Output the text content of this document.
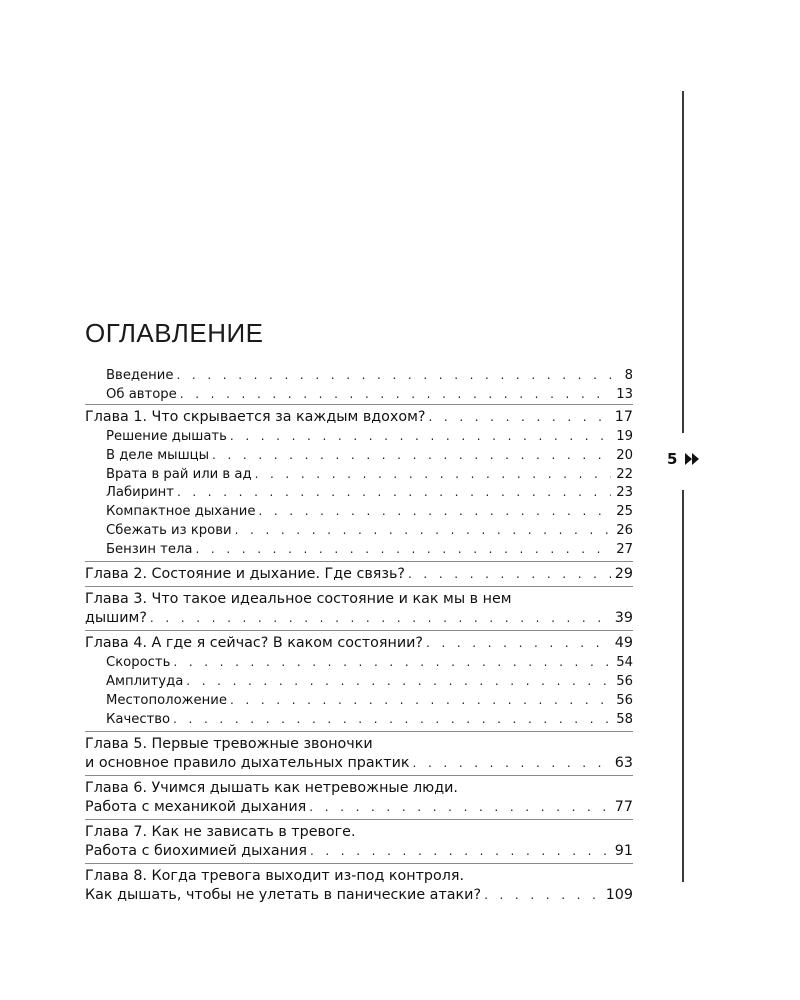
ОГЛАВЛЕНИЕ
Введение . . .	8
Об авторе . . .	13
Глава 1. Что скрывается за каждым вдохом? . . .	17
Решение дышать . . .	19
В деле мышцы . . .	20
Врата в рай или в ад . . .	22
Лабиринт . . .	23
Компактное дыхание . . .	25
Сбежать из крови . . .	26
Бензин тела . . .	27
Глава 2. Состояние и дыхание. Где связь? . . .	29
Глава 3. Что такое идеальное состояние и как мы в нем
дышим? . . .	39
Глава 4. А где я сейчас? В каком состоянии? . . .	49
Скорость . . .	54
Амплитуда . . .	56
Местоположение . . .	56
Качество . . .	58
Глава 5. Первые тревожные звоночки
и основное правило дыхательных практик . . .	63
Глава 6. Учимся дышать как нетревожные люди.
Работа с механикой дыхания . . .	77
Глава 7. Как не зависать в тревоге.
Работа с биохимией дыхания . . .	91
Глава 8. Когда тревога выходит из-под контроля.
Как дышать, чтобы не улетать в панические атаки? . . .	109
5
